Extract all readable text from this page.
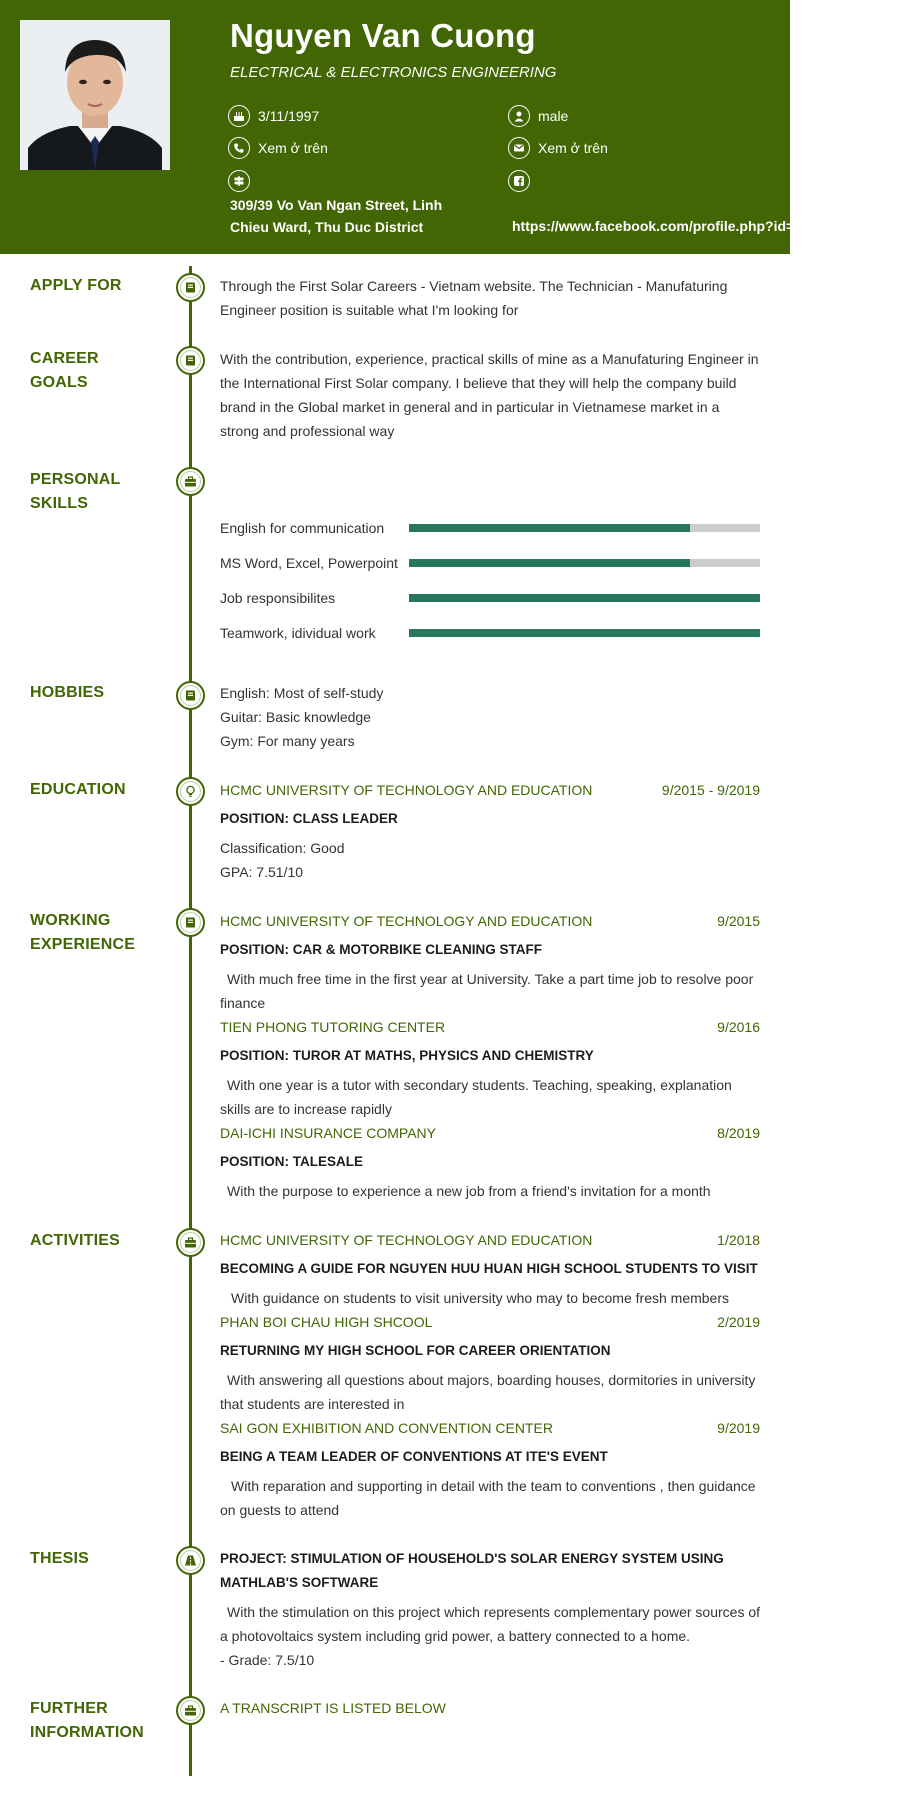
Nguyen Van Cuong
ELECTRICAL & ELECTRONICS ENGINEERING
3/11/1997	male
Xem ở trên	Xem ở trên
309/39 Vo Van Ngan Street, Linh Chieu Ward, Thu Duc District	https://www.facebook.com/profile.php?id=100010393468795
APPLY FOR	Through the First Solar Careers - Vietnam website. The Technician - Manufaturing Engineer position is suitable what I'm looking for
CAREER GOALS
With the contribution, experience, practical skills of mine as a Manufaturing Engineer in the International First Solar company. I believe that they will help the company build brand in the Global market in general and in particular in Vietnamese market in a strong and professional way
PERSONAL SKILLS
English for communication
MS Word, Excel, Powerpoint
Job responsibilites
Teamwork, idividual work
HOBBIES	English: Most of self-study
Guitar: Basic knowledge
Gym: For many years
EDUCATION	HCMC UNIVERSITY OF TECHNOLOGY AND EDUCATION	9/2015 - 9/2019
POSITION: CLASS LEADER
Classification: Good
GPA: 7.51/10
WORKING EXPERIENCE
HCMC UNIVERSITY OF TECHNOLOGY AND EDUCATION	9/2015
POSITION: CAR & MOTORBIKE CLEANING STAFF
With much free time in the first year at University. Take a part time job to resolve poor finance
TIEN PHONG TUTORING CENTER	9/2016
POSITION: TUROR AT MATHS, PHYSICS AND CHEMISTRY
With one year is a tutor with secondary students. Teaching, speaking, explanation skills are to increase rapidly
DAI-ICHI INSURANCE COMPANY	8/2019
POSITION: TALESALE
With the purpose to experience a new job from a friend's invitation for a month
ACTIVITIES	HCMC UNIVERSITY OF TECHNOLOGY AND EDUCATION	1/2018
BECOMING A GUIDE FOR NGUYEN HUU HUAN HIGH SCHOOL STUDENTS TO VISIT
With guidance on students to visit university who may to become fresh members
PHAN BOI CHAU HIGH SHCOOL	2/2019
RETURNING MY HIGH SCHOOL FOR CAREER ORIENTATION
With answering all questions about majors, boarding houses, dormitories in university that students are interested in
SAI GON EXHIBITION AND CONVENTION CENTER	9/2019
BEING A TEAM LEADER OF CONVENTIONS AT ITE'S EVENT
With reparation and supporting in detail with the team to conventions , then guidance on guests to attend
THESIS	PROJECT: STIMULATION OF HOUSEHOLD'S SOLAR ENERGY SYSTEM USING MATHLAB'S SOFTWARE
With the stimulation on this project which represents complementary power sources of a photovoltaics system including grid power, a battery connected to a home.
- Grade: 7.5/10
FURTHER INFORMATION
A TRANSCRIPT IS LISTED BELOW
